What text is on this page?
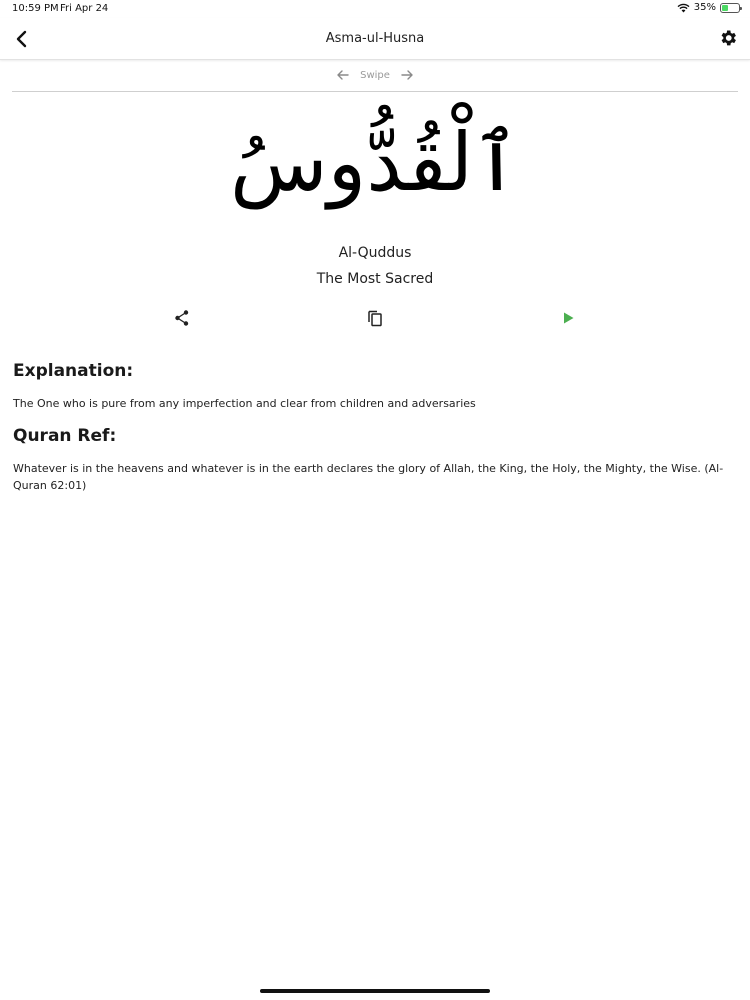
10:59 PM Fri Apr 24	35%
Asma-ul-Husna
Swipe
ٱلْقُدُّوسُ
Al-Quddus
The Most Sacred
Explanation:
The One who is pure from any imperfection and clear from children and adversaries
Quran Ref:
Whatever is in the heavens and whatever is in the earth declares the glory of Allah, the King, the Holy, the Mighty, the Wise. (Al-Quran 62:01)
